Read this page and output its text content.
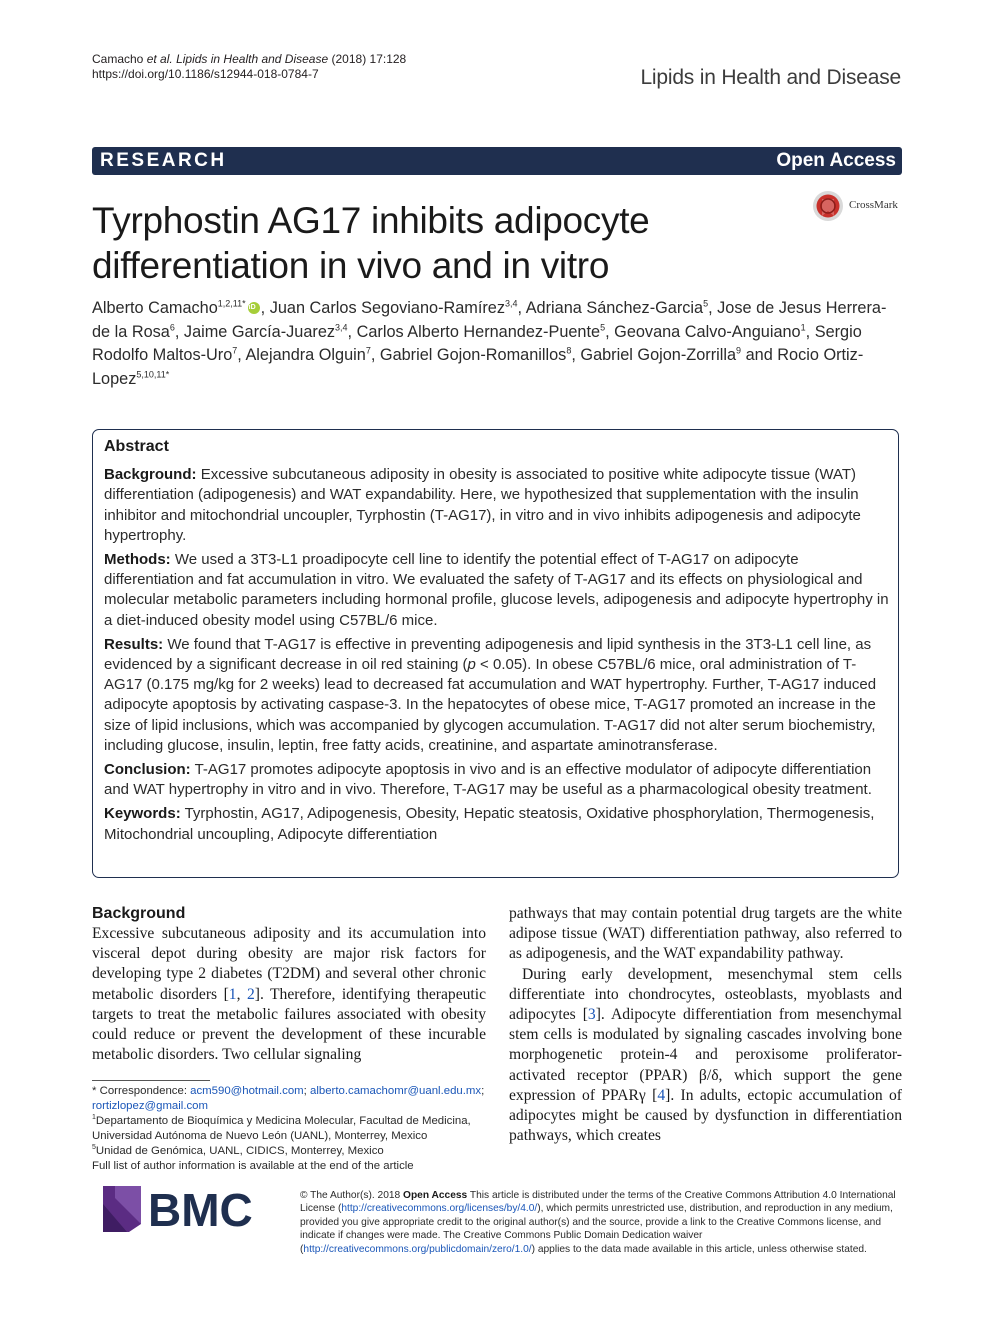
Camacho et al. Lipids in Health and Disease (2018) 17:128
https://doi.org/10.1186/s12944-018-0784-7	Lipids in Health and Disease
RESEARCH	Open Access
Tyrphostin AG17 inhibits adipocyte differentiation in vivo and in vitro
CrossMark
Alberto Camacho$^{1,2,11*}$iD , Juan Carlos Segoviano-Ramírez$^{3,4}$, Adriana Sánchez-Garcia$^5$, Jose de Jesus Herrera-de la Rosa$^6$, Jaime García-Juarez$^{3,4}$, Carlos Alberto Hernandez-Puente$^5$, Geovana Calvo-Anguiano$^1$, Sergio Rodolfo Maltos-Uro$^7$, Alejandra Olguin$^7$, Gabriel Gojon-Romanillos$^8$, Gabriel Gojon-Zorrilla$^9$ and Rocio Ortiz-Lopez$^{5,10,11*}$
Abstract

Background: Excessive subcutaneous adiposity in obesity is associated to positive white adipocyte tissue (WAT) differentiation (adipogenesis) and WAT expandability. Here, we hypothesized that supplementation with the insulin inhibitor and mitochondrial uncoupler, Tyrphostin (T-AG17), in vitro and in vivo inhibits adipogenesis and adipocyte hypertrophy.

Methods: We used a 3T3-L1 proadipocyte cell line to identify the potential effect of T-AG17 on adipocyte differentiation and fat accumulation in vitro. We evaluated the safety of T-AG17 and its effects on physiological and molecular metabolic parameters including hormonal profile, glucose levels, adipogenesis and adipocyte hypertrophy in a diet-induced obesity model using C57BL/6 mice.

Results: We found that T-AG17 is effective in preventing adipogenesis and lipid synthesis in the 3T3-L1 cell line, as evidenced by a significant decrease in oil red staining (p < 0.05). In obese C57BL/6 mice, oral administration of T-AG17 (0.175 mg/kg for 2 weeks) lead to decreased fat accumulation and WAT hypertrophy. Further, T-AG17 induced adipocyte apoptosis by activating caspase-3. In the hepatocytes of obese mice, T-AG17 promoted an increase in the size of lipid inclusions, which was accompanied by glycogen accumulation. T-AG17 did not alter serum biochemistry, including glucose, insulin, leptin, free fatty acids, creatinine, and aspartate aminotransferase.

Conclusion: T-AG17 promotes adipocyte apoptosis in vivo and is an effective modulator of adipocyte differentiation and WAT hypertrophy in vitro and in vivo. Therefore, T-AG17 may be useful as a pharmacological obesity treatment.

Keywords: Tyrphostin, AG17, Adipogenesis, Obesity, Hepatic steatosis, Oxidative phosphorylation, Thermogenesis, Mitochondrial uncoupling, Adipocyte differentiation

Background

Excessive subcutaneous adiposity and its accumulation into visceral depot during obesity are major risk factors for developing type 2 diabetes (T2DM) and several other chronic metabolic disorders [1, 2]. Therefore, identifying therapeutic targets to treat the metabolic failures associated with obesity could reduce or prevent the development of these incurable metabolic disorders. Two cellular signaling

pathways that may contain potential drug targets are the white adipose tissue (WAT) differentiation pathway, also referred to as adipogenesis, and the WAT expandability pathway.

During early development, mesenchymal stem cells differentiate into chondrocytes, osteoblasts, myoblasts and adipocytes [3]. Adipocyte differentiation from mesenchymal stem cells is modulated by signaling cascades involving bone morphogenetic protein-4 and peroxisome proliferator-activated receptor (PPAR) β/δ, which support the gene expression of PPARγ [4]. In adults, ectopic accumulation of adipocytes might be caused by dysfunction in differentiation pathways, which creates

* Correspondence: acm590@hotmail.com; alberto.camachomr@uanl.edu.mx;
rortizlopez@gmail.com

$^1$Departamento de Bioquímica y Medicina Molecular, Facultad de Medicina, Universidad Autónoma de Nuevo León (UANL), Monterrey, Mexico

$^5$Unidad de Genómica, UANL, CIDICS, Monterrey, Mexico

Full list of author information is available at the end of the article

BMC	© The Author(s). 2018 Open Access This article is distributed under the terms of the Creative Commons Attribution 4.0 International License (http://creativecommons.org/licenses/by/4.0/), which permits unrestricted use, distribution, and reproduction in any medium, provided you give appropriate credit to the original author(s) and the source, provide a link to the Creative Commons license, and indicate if changes were made. The Creative Commons Public Domain Dedication waiver (http://creativecommons.org/publicdomain/zero/1.0/) applies to the data made available in this article, unless otherwise stated.
